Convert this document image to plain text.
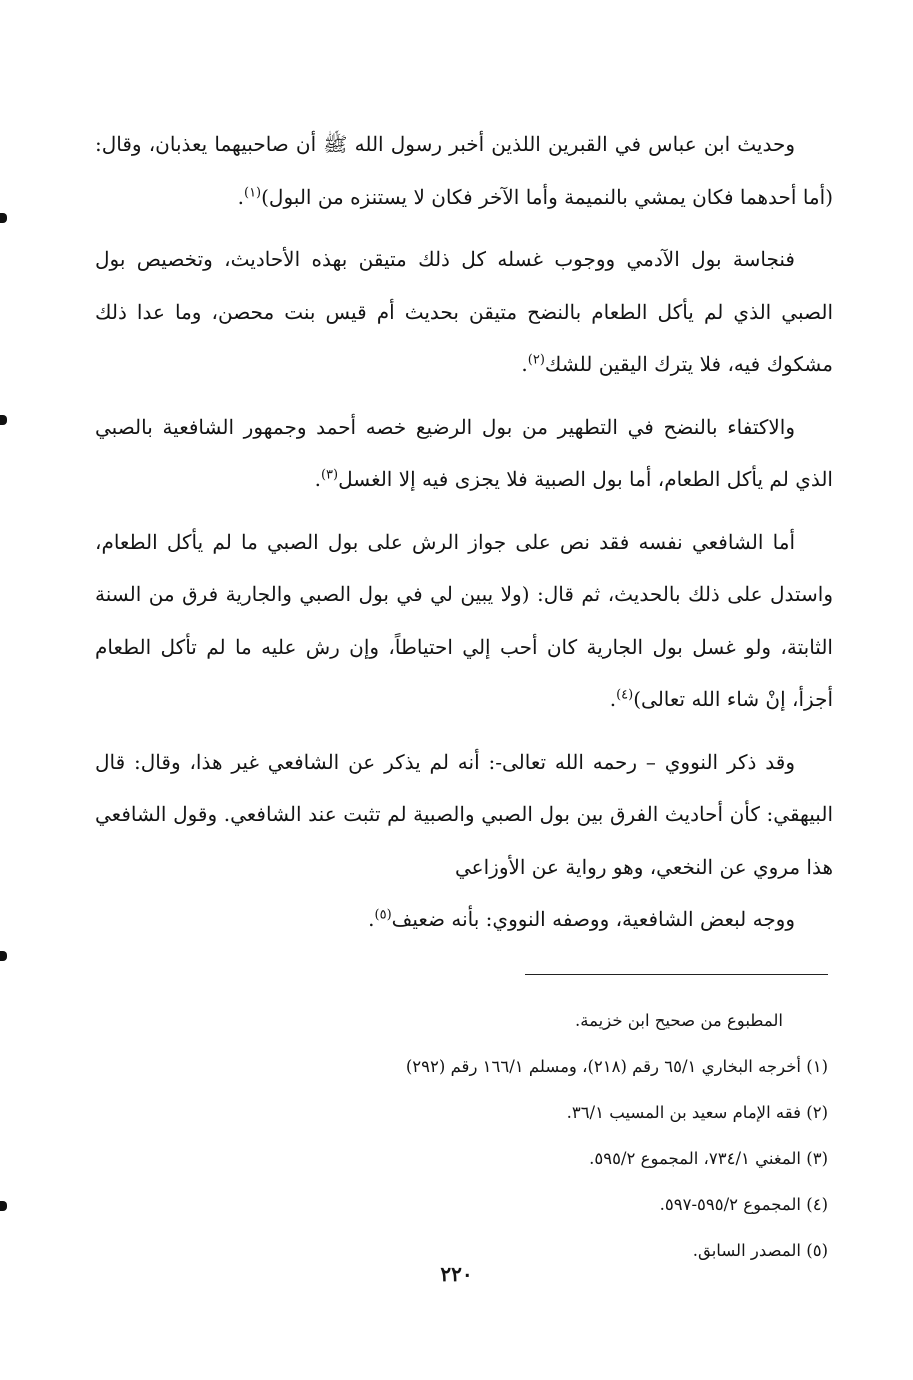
وحديث ابن عباس في القبرين اللذين أخبر رسول الله ﷺ أن صاحبيهما يعذبان، وقال: (أما أحدهما فكان يمشي بالنميمة وأما الآخر فكان لا يستنزه من البول)$^{(١)}$.

فنجاسة بول الآدمي ووجوب غسله كل ذلك متيقن بهذه الأحاديث، وتخصيص بول الصبي الذي لم يأكل الطعام بالنضح متيقن بحديث أم قيس بنت محصن، وما عدا ذلك مشكوك فيه، فلا يترك اليقين للشك$^{(٢)}$.

والاكتفاء بالنضح في التطهير من بول الرضيع خصه أحمد وجمهور الشافعية بالصبي الذي لم يأكل الطعام، أما بول الصبية فلا يجزى فيه إلا الغسل$^{(٣)}$.

أما الشافعي نفسه فقد نص على جواز الرش على بول الصبي ما لم يأكل الطعام، واستدل على ذلك بالحديث، ثم قال: (ولا يبين لي في بول الصبي والجارية فرق من السنة الثابتة، ولو غسل بول الجارية كان أحب إلي احتياطاً، وإن رش عليه ما لم تأكل الطعام أجزأ، إنْ شاء الله تعالى)$^{(٤)}$.

وقد ذكر النووي – رحمه الله تعالى-: أنه لم يذكر عن الشافعي غير هذا، وقال: قال البيهقي: كأن أحاديث الفرق بين بول الصبي والصبية لم تثبت عند الشافعي. وقول الشافعي هذا مروي عن النخعي، وهو رواية عن الأوزاعي

ووجه لبعض الشافعية، ووصفه النووي: بأنه ضعيف$^{(٥)}$.

المطبوع من صحيح ابن خزيمة.

(١) أخرجه البخاري ٦٥/١ رقم (٢١٨)، ومسلم ١٦٦/١ رقم (٢٩٢)

(٢) فقه الإمام سعيد بن المسيب ٣٦/١.

(٣) المغني ٧٣٤/١، المجموع ٥٩٥/٢.

(٤) المجموع ٥٩٥/٢-٥٩٧.

(٥) المصدر السابق.

٢٢٠
